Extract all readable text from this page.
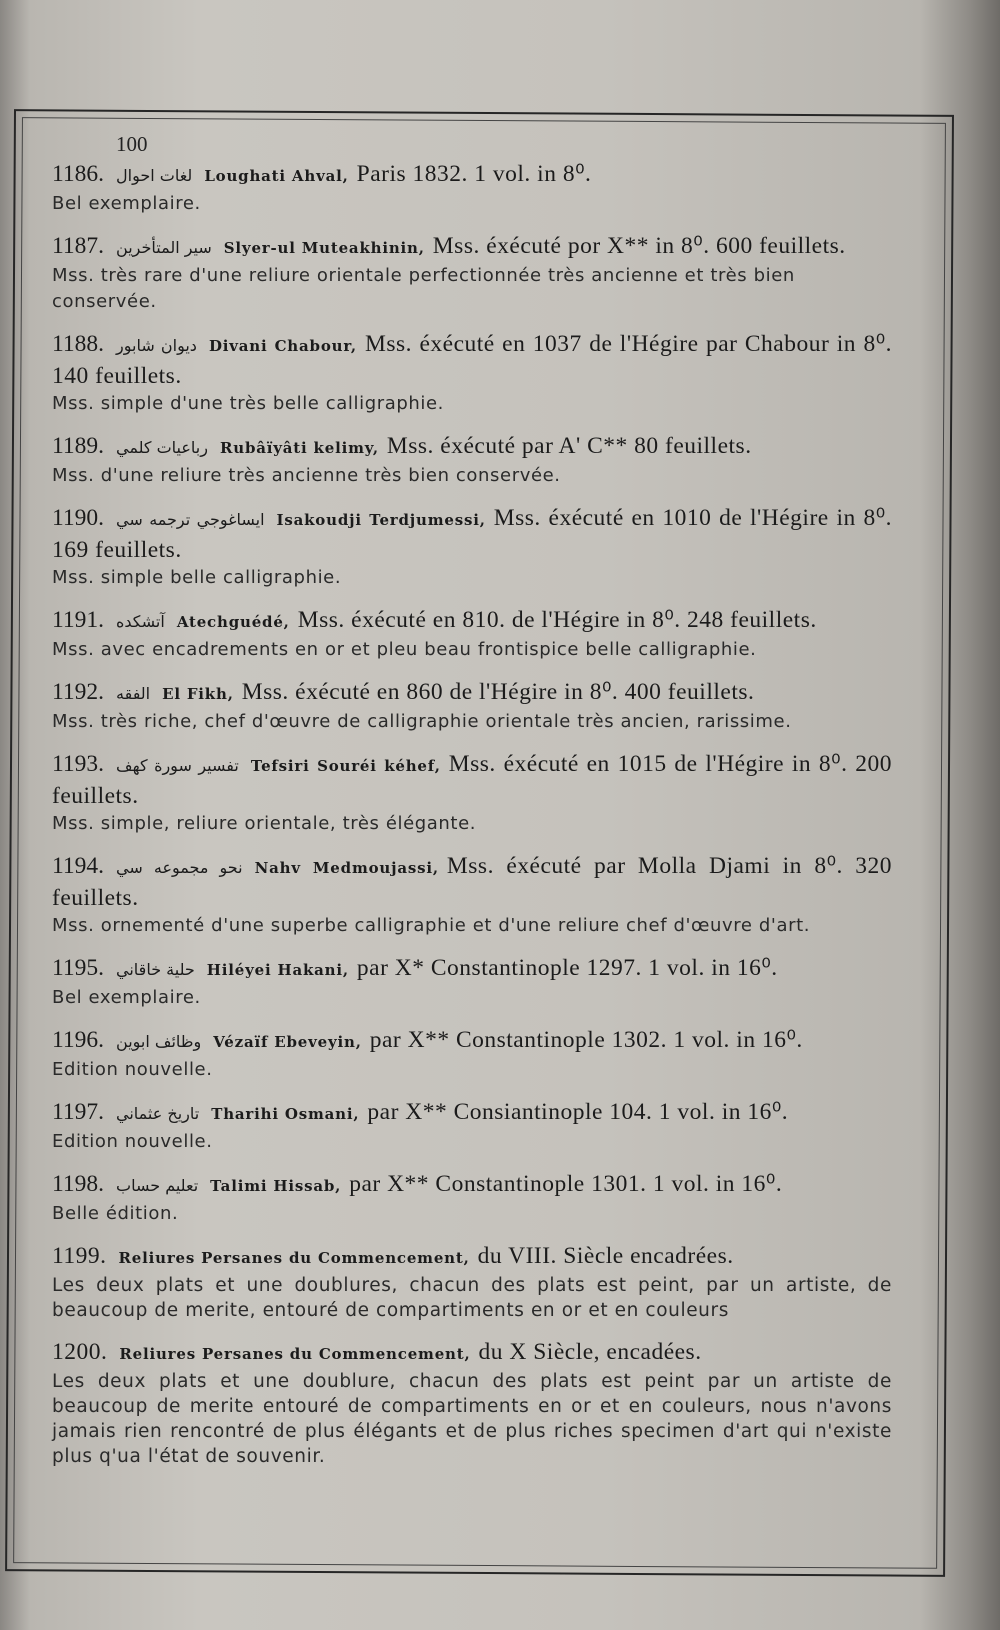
100
1186. لغات احوال Loughati Ahval, Paris 1832. 1 vol. in 8⁰.
Bel exemplaire.
1187. سير المتأخرين Slyer-ul Muteakhinin, Mss. éxécuté por X** in 8⁰. 600 feuillets.
Mss. très rare d'une reliure orientale perfectionnée très ancienne et très bien conservée.
1188. ديوان شابور Divani Chabour, Mss. éxécuté en 1037 de l'Hégire par Chabour in 8⁰. 140 feuillets.
Mss. simple d'une très belle calligraphie.
1189. رباعيات كلمي Rubâïyâti kelimy, Mss. éxécuté par A' C** 80 feuillets.
Mss. d'une reliure très ancienne très bien conservée.
1190. ايساغوجي ترجمه سي Isakoudji Terdjumessi, Mss. éxécuté en 1010 de l'Hégire in 8⁰. 169 feuillets.
Mss. simple belle calligraphie.
1191. آتشكده Atechguédé, Mss. éxécuté en 810. de l'Hégire in 8⁰. 248 feuillets.
Mss. avec encadrements en or et pleu beau frontispice belle calligraphie.
1192. الفقه El Fikh, Mss. éxécuté en 860 de l'Hégire in 8⁰. 400 feuillets.
Mss. très riche, chef d'œuvre de calligraphie orientale très ancien, rarissime.
1193. تفسير سورة كهف Tefsiri Souréi kéhef, Mss. éxécuté en 1015 de l'Hégire in 8⁰. 200 feuillets.
Mss. simple, reliure orientale, très élégante.
1194. نحو مجموعه سي Nahv Medmoujassi, Mss. éxécuté par Molla Djami in 8⁰. 320 feuillets.
Mss. ornementé d'une superbe calligraphie et d'une reliure chef d'œuvre d'art.
1195. حلية خاقاني Hiléyei Hakani, par X* Constantinople 1297. 1 vol. in 16⁰.
Bel exemplaire.
1196. وظائف ابوين Vézaïf Ebeveyin, par X** Constantinople 1302. 1 vol. in 16⁰.
Edition nouvelle.
1197. تاريخ عثماني Tharihi Osmani, par X** Consiantinople 104. 1 vol. in 16⁰.
Edition nouvelle.
1198. تعليم حساب Talimi Hissab, par X** Constantinople 1301. 1 vol. in 16⁰.
Belle édition.
1199. Reliures Persanes du Commencement, du VIII. Siècle encadrées.
Les deux plats et une doublures, chacun des plats est peint, par un artiste, de beaucoup de merite, entouré de compartiments en or et en couleurs
1200. Reliures Persanes du Commencement, du X Siècle, encadées.
Les deux plats et une doublure, chacun des plats est peint par un artiste de beaucoup de merite entouré de compartiments en or et en couleurs, nous n'avons jamais rien rencontré de plus élégants et de plus riches specimen d'art qui n'existe plus q'ua l'état de souvenir.
